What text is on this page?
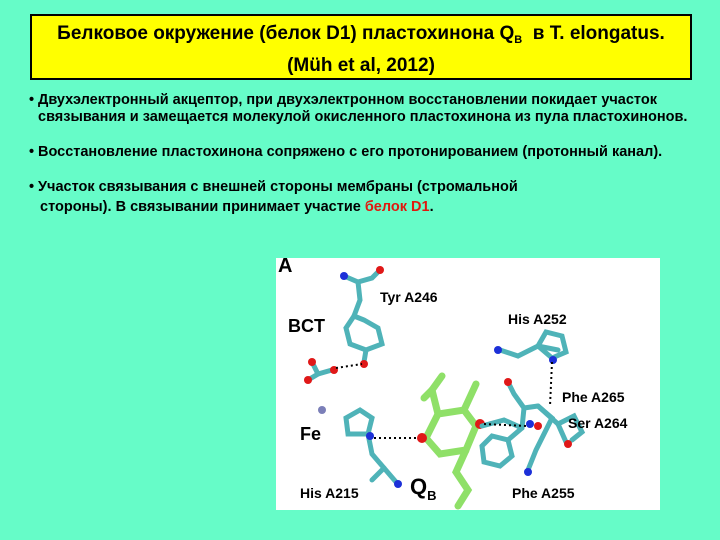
Белковое окружение (белок D1) пластохинона $Q_B$  в T. elongatus.
(Müh et al, 2012)
• Двухэлектронный акцептор, при двухэлектронном восстановлении покидает участок связывания и замещается молекулой окисленного пластохинона из пула пластохинонов.
• Восстановление пластохинона сопряжено с его протонированием (протонный канал).
• Участок связывания с внешней стороны мембраны (стромальной
стороны). В связывании принимает участие белок D1.
A
Tyr A246
BCT	His A252
Phe A265
Ser A264
Fe
His A215 $Q_B$	Phe A255
